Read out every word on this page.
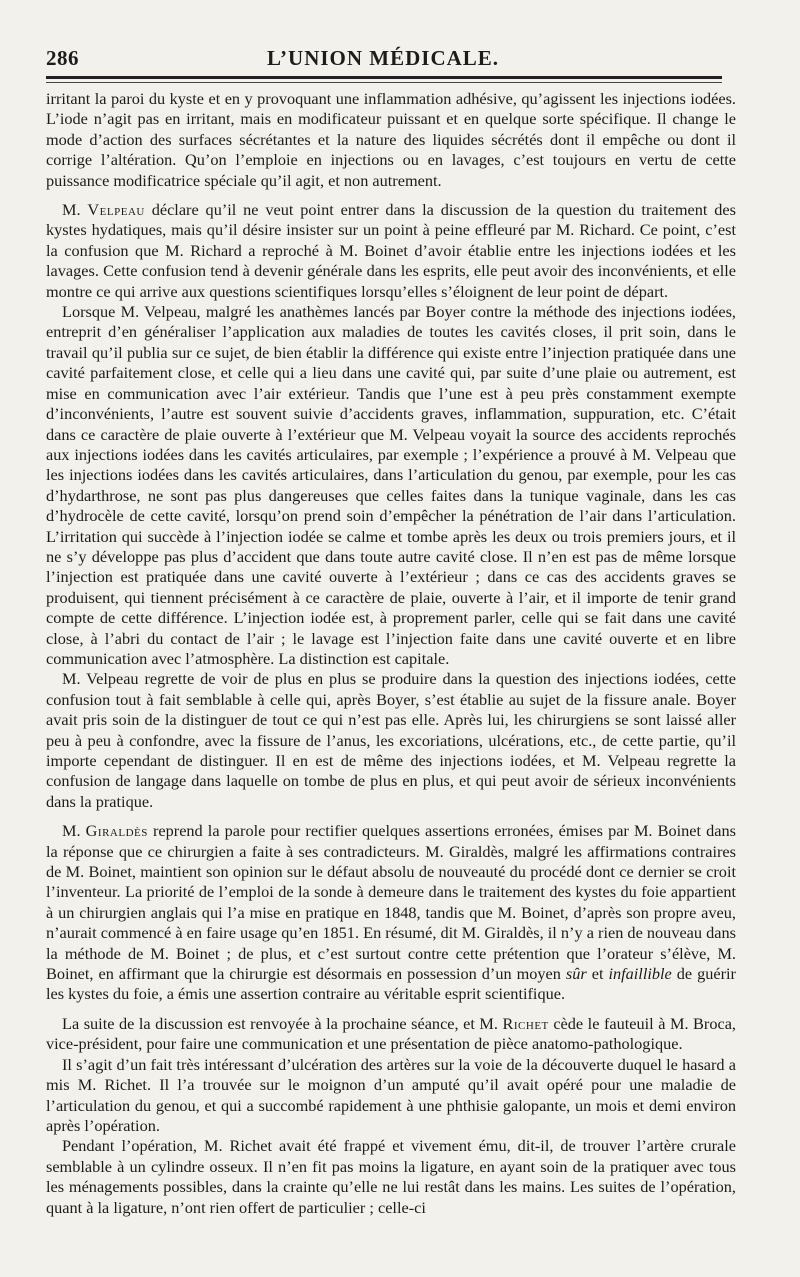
286	L’UNION MÉDICALE.

irritant la paroi du kyste et en y provoquant une inflammation adhésive, qu’agissent les injections iodées. L’iode n’agit pas en irritant, mais en modificateur puissant et en quelque sorte spécifique. Il change le mode d’action des surfaces sécrétantes et la nature des liquides sécrétés dont il empêche ou dont il corrige l’altération. Qu’on l’emploie en injections ou en lavages, c’est toujours en vertu de cette puissance modificatrice spéciale qu’il agit, et non autrement.

M. Velpeau déclare qu’il ne veut point entrer dans la discussion de la question du traitement des kystes hydatiques, mais qu’il désire insister sur un point à peine effleuré par M. Richard. Ce point, c’est la confusion que M. Richard a reproché à M. Boinet d’avoir établie entre les injections iodées et les lavages. Cette confusion tend à devenir générale dans les esprits, elle peut avoir des inconvénients, et elle montre ce qui arrive aux questions scientifiques lorsqu’elles s’éloignent de leur point de départ.

Lorsque M. Velpeau, malgré les anathèmes lancés par Boyer contre la méthode des injections iodées, entreprit d’en généraliser l’application aux maladies de toutes les cavités closes, il prit soin, dans le travail qu’il publia sur ce sujet, de bien établir la différence qui existe entre l’injection pratiquée dans une cavité parfaitement close, et celle qui a lieu dans une cavité qui, par suite d’une plaie ou autrement, est mise en communication avec l’air extérieur. Tandis que l’une est à peu près constamment exempte d’inconvénients, l’autre est souvent suivie d’accidents graves, inflammation, suppuration, etc. C’était dans ce caractère de plaie ouverte à l’extérieur que M. Velpeau voyait la source des accidents reprochés aux injections iodées dans les cavités articulaires, par exemple ; l’expérience a prouvé à M. Velpeau que les injections iodées dans les cavités articulaires, dans l’articulation du genou, par exemple, pour les cas d’hydarthrose, ne sont pas plus dangereuses que celles faites dans la tunique vaginale, dans les cas d’hydrocèle de cette cavité, lorsqu’on prend soin d’empêcher la pénétration de l’air dans l’articulation. L’irritation qui succède à l’injection iodée se calme et tombe après les deux ou trois premiers jours, et il ne s’y développe pas plus d’accident que dans toute autre cavité close. Il n’en est pas de même lorsque l’injection est pratiquée dans une cavité ouverte à l’extérieur ; dans ce cas des accidents graves se produisent, qui tiennent précisément à ce caractère de plaie, ouverte à l’air, et il importe de tenir grand compte de cette différence. L’injection iodée est, à proprement parler, celle qui se fait dans une cavité close, à l’abri du contact de l’air ; le lavage est l’injection faite dans une cavité ouverte et en libre communication avec l’atmosphère. La distinction est capitale.

M. Velpeau regrette de voir de plus en plus se produire dans la question des injections iodées, cette confusion tout à fait semblable à celle qui, après Boyer, s’est établie au sujet de la fissure anale. Boyer avait pris soin de la distinguer de tout ce qui n’est pas elle. Après lui, les chirurgiens se sont laissé aller peu à peu à confondre, avec la fissure de l’anus, les excoriations, ulcérations, etc., de cette partie, qu’il importe cependant de distinguer. Il en est de même des injections iodées, et M. Velpeau regrette la confusion de langage dans laquelle on tombe de plus en plus, et qui peut avoir de sérieux inconvénients dans la pratique.

M. Giraldès reprend la parole pour rectifier quelques assertions erronées, émises par M. Boinet dans la réponse que ce chirurgien a faite à ses contradicteurs. M. Giraldès, malgré les affirmations contraires de M. Boinet, maintient son opinion sur le défaut absolu de nouveauté du procédé dont ce dernier se croit l’inventeur. La priorité de l’emploi de la sonde à demeure dans le traitement des kystes du foie appartient à un chirurgien anglais qui l’a mise en pratique en 1848, tandis que M. Boinet, d’après son propre aveu, n’aurait commencé à en faire usage qu’en 1851. En résumé, dit M. Giraldès, il n’y a rien de nouveau dans la méthode de M. Boinet ; de plus, et c’est surtout contre cette prétention que l’orateur s’élève, M. Boinet, en affirmant que la chirurgie est désormais en possession d’un moyen sûr et infaillible de guérir les kystes du foie, a émis une assertion contraire au véritable esprit scientifique.

La suite de la discussion est renvoyée à la prochaine séance, et M. Richet cède le fauteuil à M. Broca, vice-président, pour faire une communication et une présentation de pièce anatomo-pathologique.

Il s’agit d’un fait très intéressant d’ulcération des artères sur la voie de la découverte duquel le hasard a mis M. Richet. Il l’a trouvée sur le moignon d’un amputé qu’il avait opéré pour une maladie de l’articulation du genou, et qui a succombé rapidement à une phthisie galopante, un mois et demi environ après l’opération.

Pendant l’opération, M. Richet avait été frappé et vivement ému, dit-il, de trouver l’artère crurale semblable à un cylindre osseux. Il n’en fit pas moins la ligature, en ayant soin de la pratiquer avec tous les ménagements possibles, dans la crainte qu’elle ne lui restât dans les mains. Les suites de l’opération, quant à la ligature, n’ont rien offert de particulier ; celle-ci
